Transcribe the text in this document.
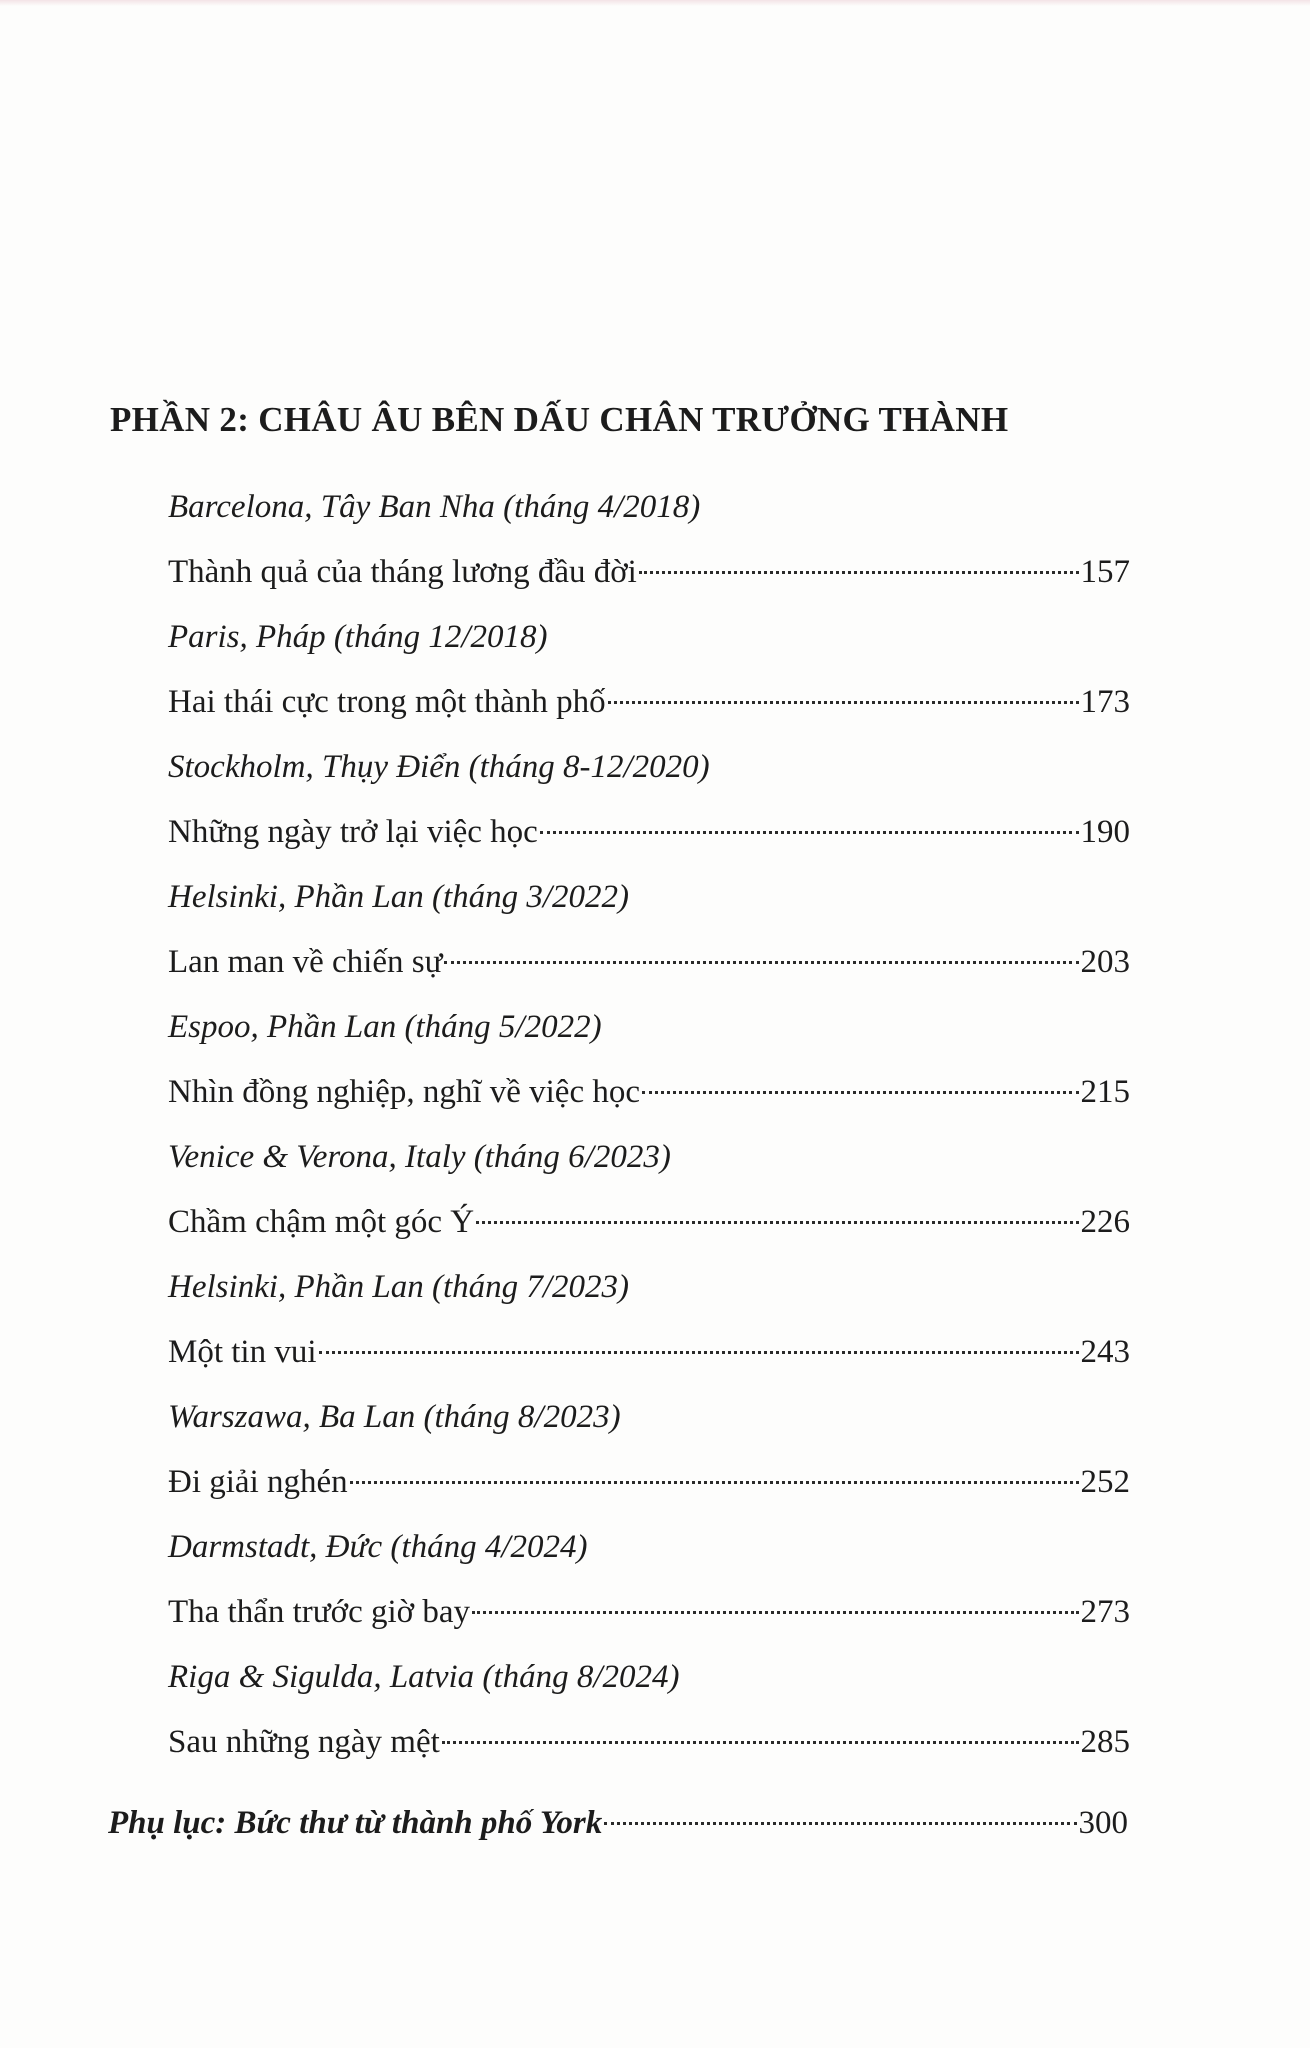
PHẦN 2: CHÂU ÂU BÊN DẤU CHÂN TRƯỞNG THÀNH
Barcelona, Tây Ban Nha (tháng 4/2018)
Thành quả của tháng lương đầu đời	157
Paris, Pháp (tháng 12/2018)
Hai thái cực trong một thành phố	173
Stockholm, Thụy Điển (tháng 8-12/2020)
Những ngày trở lại việc học	190
Helsinki, Phần Lan (tháng 3/2022)
Lan man về chiến sự	203
Espoo, Phần Lan (tháng 5/2022)
Nhìn đồng nghiệp, nghĩ về việc học	215
Venice & Verona, Italy (tháng 6/2023)
Chầm chậm một góc Ý	226
Helsinki, Phần Lan (tháng 7/2023)
Một tin vui	243
Warszawa, Ba Lan (tháng 8/2023)
Đi giải nghén	252
Darmstadt, Đức (tháng 4/2024)
Tha thẩn trước giờ bay	273
Riga & Sigulda, Latvia (tháng 8/2024)
Sau những ngày mệt	285
Phụ lục: Bức thư từ thành phố York	300
